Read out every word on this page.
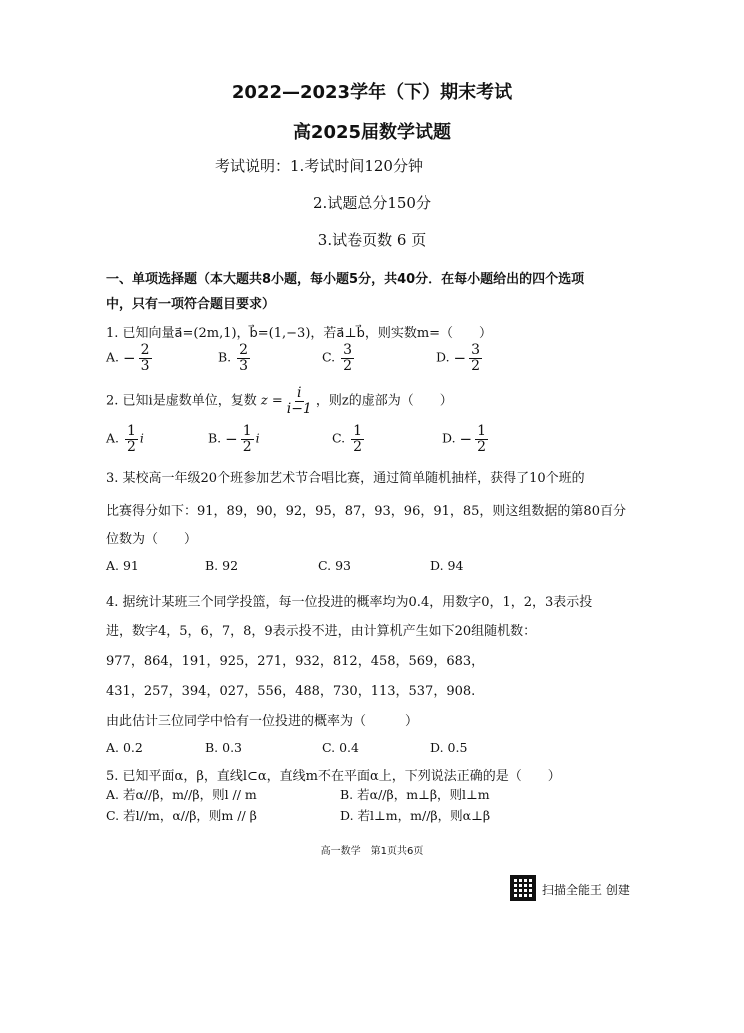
2022—2023学年（下）期末考试
高2025届数学试题
考试说明：1.考试时间120分钟
2.试题总分150分
3.试卷页数 6 页
一、单项选择题（本大题共8小题，每小题5分，共40分．在每小题给出的四个选项
中，只有一项符合题目要求）
1. 已知向量a⃗=(2m,1)，b⃗=(1,−3)，若a⃗⊥b⃗，则实数m=（　　）
A. − $\frac{2}{3}$	B. $\frac{2}{3}$	C. $\frac{3}{2}$	D. − $\frac{3}{2}$
2. 已知i是虚数单位，复数 $z = \frac{i}{i-1}$ ，则z的虚部为（　　）
A. $\frac{1}{2}$ i	B. − $\frac{1}{2}$ i	C. $\frac{1}{2}$	D. − $\frac{1}{2}$
3. 某校高一年级20个班参加艺术节合唱比赛，通过简单随机抽样，获得了10个班的
比赛得分如下：91，89，90，92，95，87，93，96，91，85，则这组数据的第80百分
位数为（　　）
A. 91	B. 92	C. 93	D. 94
4. 据统计某班三个同学投篮，每一位投进的概率均为0.4，用数字0，1，2，3表示投
进，数字4，5，6，7，8，9表示投不进，由计算机产生如下20组随机数：
977，864，191，925，271，932，812，458，569，683，
431，257，394，027，556，488，730，113，537，908.
由此估计三位同学中恰有一位投进的概率为（　　　）
A. 0.2	B. 0.3	C. 0.4	D. 0.5
5. 已知平面α，β，直线l⊂α，直线m不在平面α上，下列说法正确的是（　　）
A. 若α//β，m//β，则l // m	B. 若α//β，m⊥β，则l⊥m
C. 若l//m，α//β，则m // β	D. 若l⊥m，m//β，则α⊥β
高一数学　第1页共6页
扫描全能王 创建
